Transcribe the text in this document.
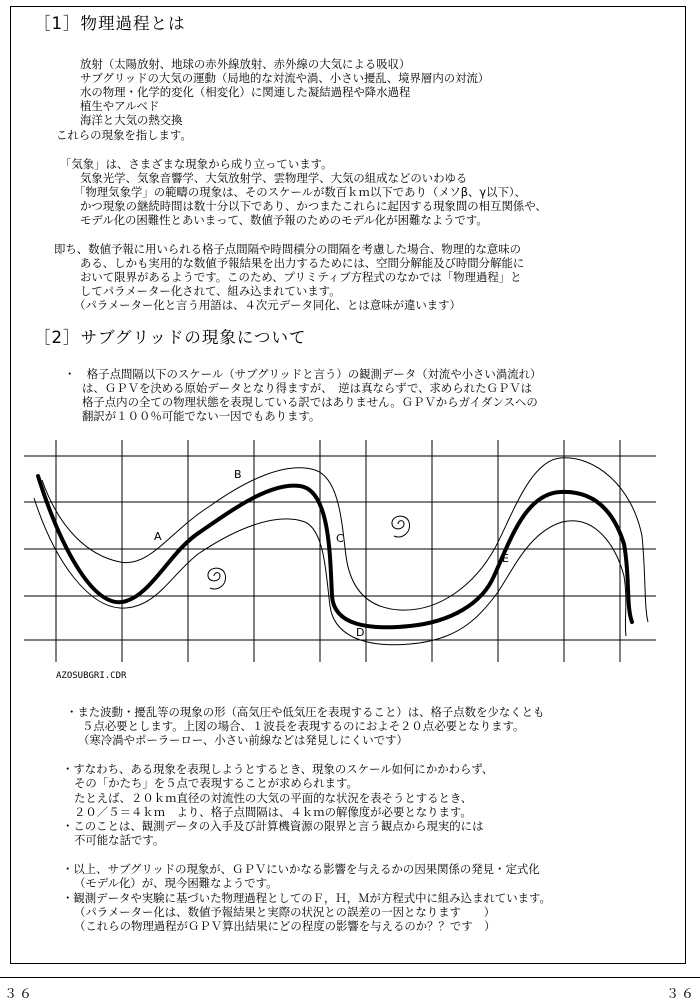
［1］物理過程とは
放射（太陽放射、地球の赤外線放射、赤外線の大気による吸収）
サブグリッドの大気の運動（局地的な対流や渦、小さい擾乱、境界層内の対流）
水の物理・化学的変化（相変化）に関連した凝結過程や降水過程
植生やアルベド
海洋と大気の熱交換
これらの現象を指します。
「気象」は、さまざまな現象から成り立っています。
気象光学、気象音響学、大気放射学、雲物理学、大気の組成などのいわゆる
「物理気象学」の範疇の現象は、そのスケールが数百ｋｍ以下であり（メソβ、γ以下）、
かつ現象の継続時間は数十分以下であり、かつまたこれらに起因する現象間の相互関係や、
モデル化の困難性とあいまって、数値予報のためのモデル化が困難なようです。
即ち、数値予報に用いられる格子点間隔や時間積分の間隔を考慮した場合、物理的な意味の
ある、しかも実用的な数値予報結果を出力するためには、空間分解能及び時間分解能に
おいて限界があるようです。このため、プリミティブ方程式のなかでは「物理過程」と
してパラメーター化されて、組み込まれています。
（パラメーター化と言う用語は、４次元データ同化、とは意味が違います）
［2］サブグリッドの現象について
・　格子点間隔以下のスケール（サブグリッドと言う）の観測データ（対流や小さい渦流れ）
は、ＧＰＶを決める原始データとなり得ますが、　逆は真ならずで、求められたＧＰＶは
格子点内の全ての物理状態を表現している訳ではありません。ＧＰＶからガイダンスへの
翻訳が１００％可能でない一因でもあります。
A
B
C
D
E
AZOSUBGRI.CDR
・また波動・擾乱等の現象の形（高気圧や低気圧を表現すること）は、格子点数を少なくとも
５点必要とします。上図の場合、１波長を表現するのにおよそ２０点必要となります。
（寒冷渦やポーラーロー、小さい前線などは発見しにくいです）
・すなわち、ある現象を表現しようとするとき、現象のスケール如何にかかわらず、
その「かたち」を５点で表現することが求められます。
たとえば、２０ｋｍ直径の対流性の大気の平面的な状況を表そうとするとき、
２０／５＝４ｋｍ　より、格子点間隔は、４ｋｍの解像度が必要となります。
・このことは、観測データの入手及び計算機資源の限界と言う観点から現実的には
不可能な話です。
・以上、サブグリッドの現象が、ＧＰＶにいかなる影響を与えるかの因果関係の発見・定式化
（モデル化）が、現今困難なようです。
・観測データや実験に基づいた物理過程としてのＦ，Ｈ，Ｍが方程式中に組み込まれています。
（パラメーター化は、数値予報結果と実際の状況との誤差の一因となります　　）
（これらの物理過程がＧＰＶ算出結果にどの程度の影響を与えるのか？？です　）
３６	３６
